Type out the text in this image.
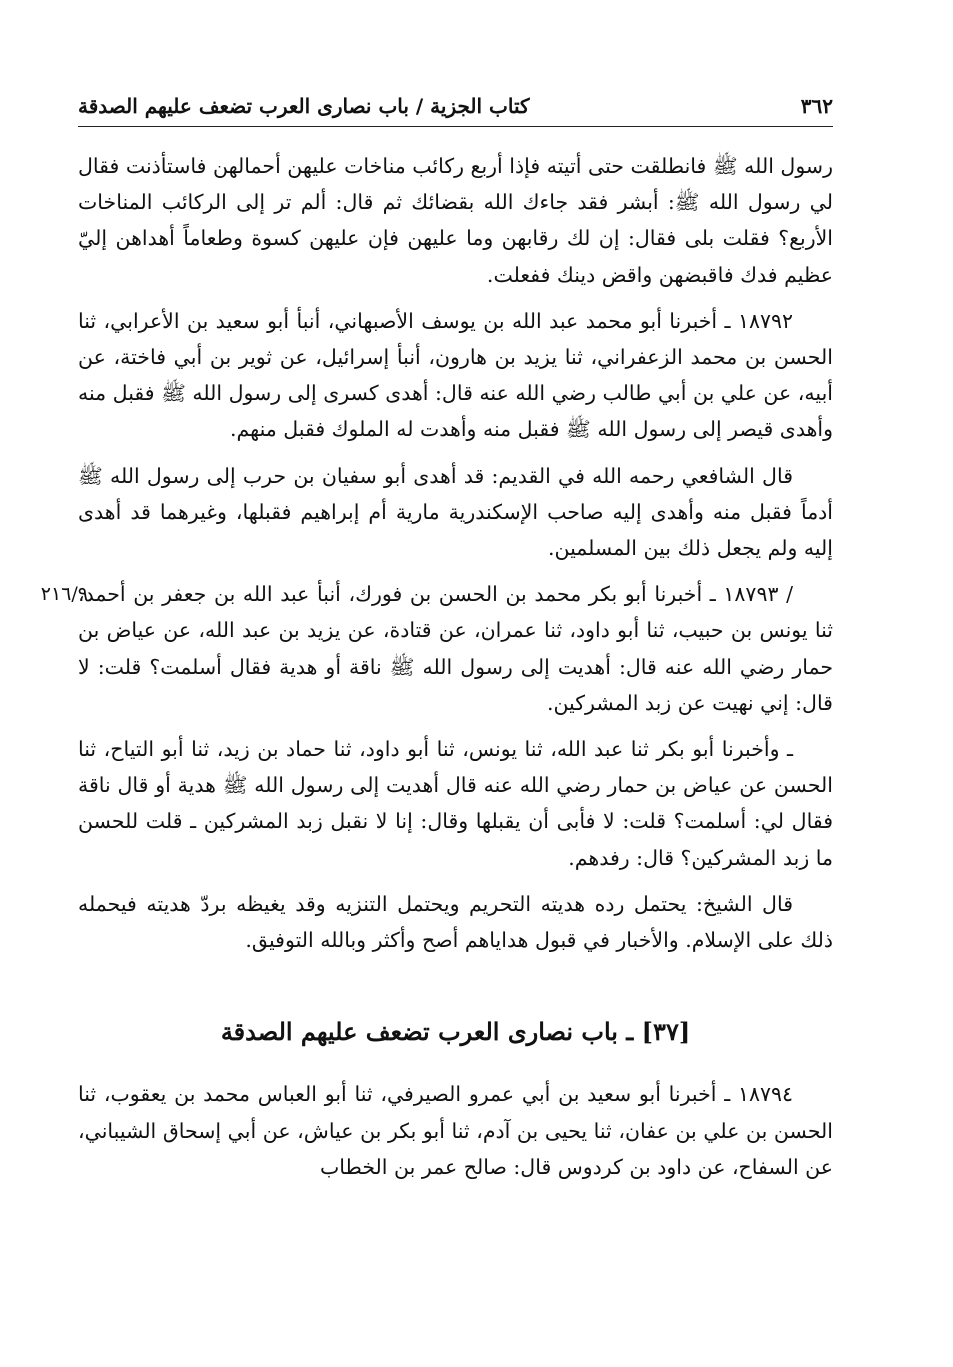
٣٦٢
كتاب الجزية / باب نصارى العرب تضعف عليهم الصدقة

رسول الله ﷺ فانطلقت حتى أتيته فإذا أربع ركائب مناخات عليهن أحمالهن فاستأذنت فقال لي رسول الله ﷺ: أبشر فقد جاءك الله بقضائك ثم قال: ألم تر إلى الركائب المناخات الأربع؟ فقلت بلى فقال: إن لك رقابهن وما عليهن فإن عليهن كسوة وطعاماً أهداهن إليّ عظيم فدك فاقبضهن واقض دينك ففعلت.

١٨٧٩٢ ـ أخبرنا أبو محمد عبد الله بن يوسف الأصبهاني، أنبأ أبو سعيد بن الأعرابي، ثنا الحسن بن محمد الزعفراني، ثنا يزيد بن هارون، أنبأ إسرائيل، عن ثوير بن أبي فاختة، عن أبيه، عن علي بن أبي طالب رضي الله عنه قال: أهدى كسرى إلى رسول الله ﷺ فقبل منه وأهدى قيصر إلى رسول الله ﷺ فقبل منه وأهدت له الملوك فقبل منهم.

قال الشافعي رحمه الله في القديم: قد أهدى أبو سفيان بن حرب إلى رسول الله ﷺ أدماً فقبل منه وأهدى إليه صاحب الإسكندرية مارية أم إبراهيم فقبلها، وغيرهما قد أهدى إليه ولم يجعل ذلك بين المسلمين.

٢١٦/٩

/ ١٨٧٩٣ ـ أخبرنا أبو بكر محمد بن الحسن بن فورك، أنبأ عبد الله بن جعفر بن أحمد، ثنا يونس بن حبيب، ثنا أبو داود، ثنا عمران، عن قتادة، عن يزيد بن عبد الله، عن عياض بن حمار رضي الله عنه قال: أهديت إلى رسول الله ﷺ ناقة أو هدية فقال أسلمت؟ قلت: لا قال: إني نهيت عن زبد المشركين.

ـ وأخبرنا أبو بكر ثنا عبد الله، ثنا يونس، ثنا أبو داود، ثنا حماد بن زيد، ثنا أبو التياح، ثنا الحسن عن عياض بن حمار رضي الله عنه قال أهديت إلى رسول الله ﷺ هدية أو قال ناقة فقال لي: أسلمت؟ قلت: لا فأبى أن يقبلها وقال: إنا لا نقبل زبد المشركين ـ قلت للحسن ما زبد المشركين؟ قال: رفدهم.

قال الشيخ: يحتمل رده هديته التحريم ويحتمل التنزيه وقد يغيظه بردّ هديته فيحمله ذلك على الإسلام. والأخبار في قبول هداياهم أصح وأكثر وبالله التوفيق.

[٣٧] ـ باب نصارى العرب تضعف عليهم الصدقة

١٨٧٩٤ ـ أخبرنا أبو سعيد بن أبي عمرو الصيرفي، ثنا أبو العباس محمد بن يعقوب، ثنا الحسن بن علي بن عفان، ثنا يحيى بن آدم، ثنا أبو بكر بن عياش، عن أبي إسحاق الشيباني، عن السفاح، عن داود بن كردوس قال: صالح عمر بن الخطاب
